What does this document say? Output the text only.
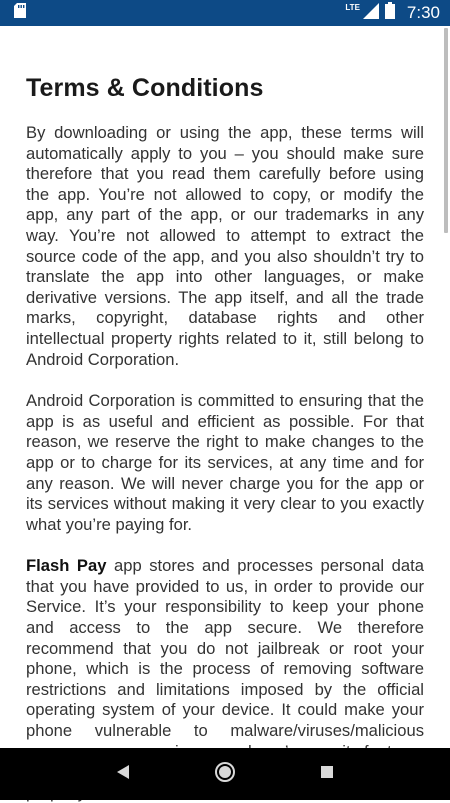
LTE	7:30
Terms & Conditions

By downloading or using the app, these terms will automatically apply to you – you should make sure therefore that you read them carefully before using the app. You’re not allowed to copy, or modify the app, any part of the app, or our trademarks in any way. You’re not allowed to attempt to extract the source code of the app, and you also shouldn’t try to translate the app into other languages, or make derivative versions. The app itself, and all the trade marks, copyright, database rights and other intellectual property rights related to it, still belong to Android Corporation.

Android Corporation is committed to ensuring that the app is as useful and efficient as possible. For that reason, we reserve the right to make changes to the app or to charge for its services, at any time and for any reason. We will never charge you for the app or its services without making it very clear to you exactly what you’re paying for.

Flash Pay app stores and processes personal data that you have provided to us, in order to provide our Service. It’s your responsibility to keep your phone and access to the app secure. We therefore recommend that you do not jailbreak or root your phone, which is the process of removing software restrictions and limitations imposed by the official operating system of your device. It could make your phone vulnerable to malware/viruses/malicious
